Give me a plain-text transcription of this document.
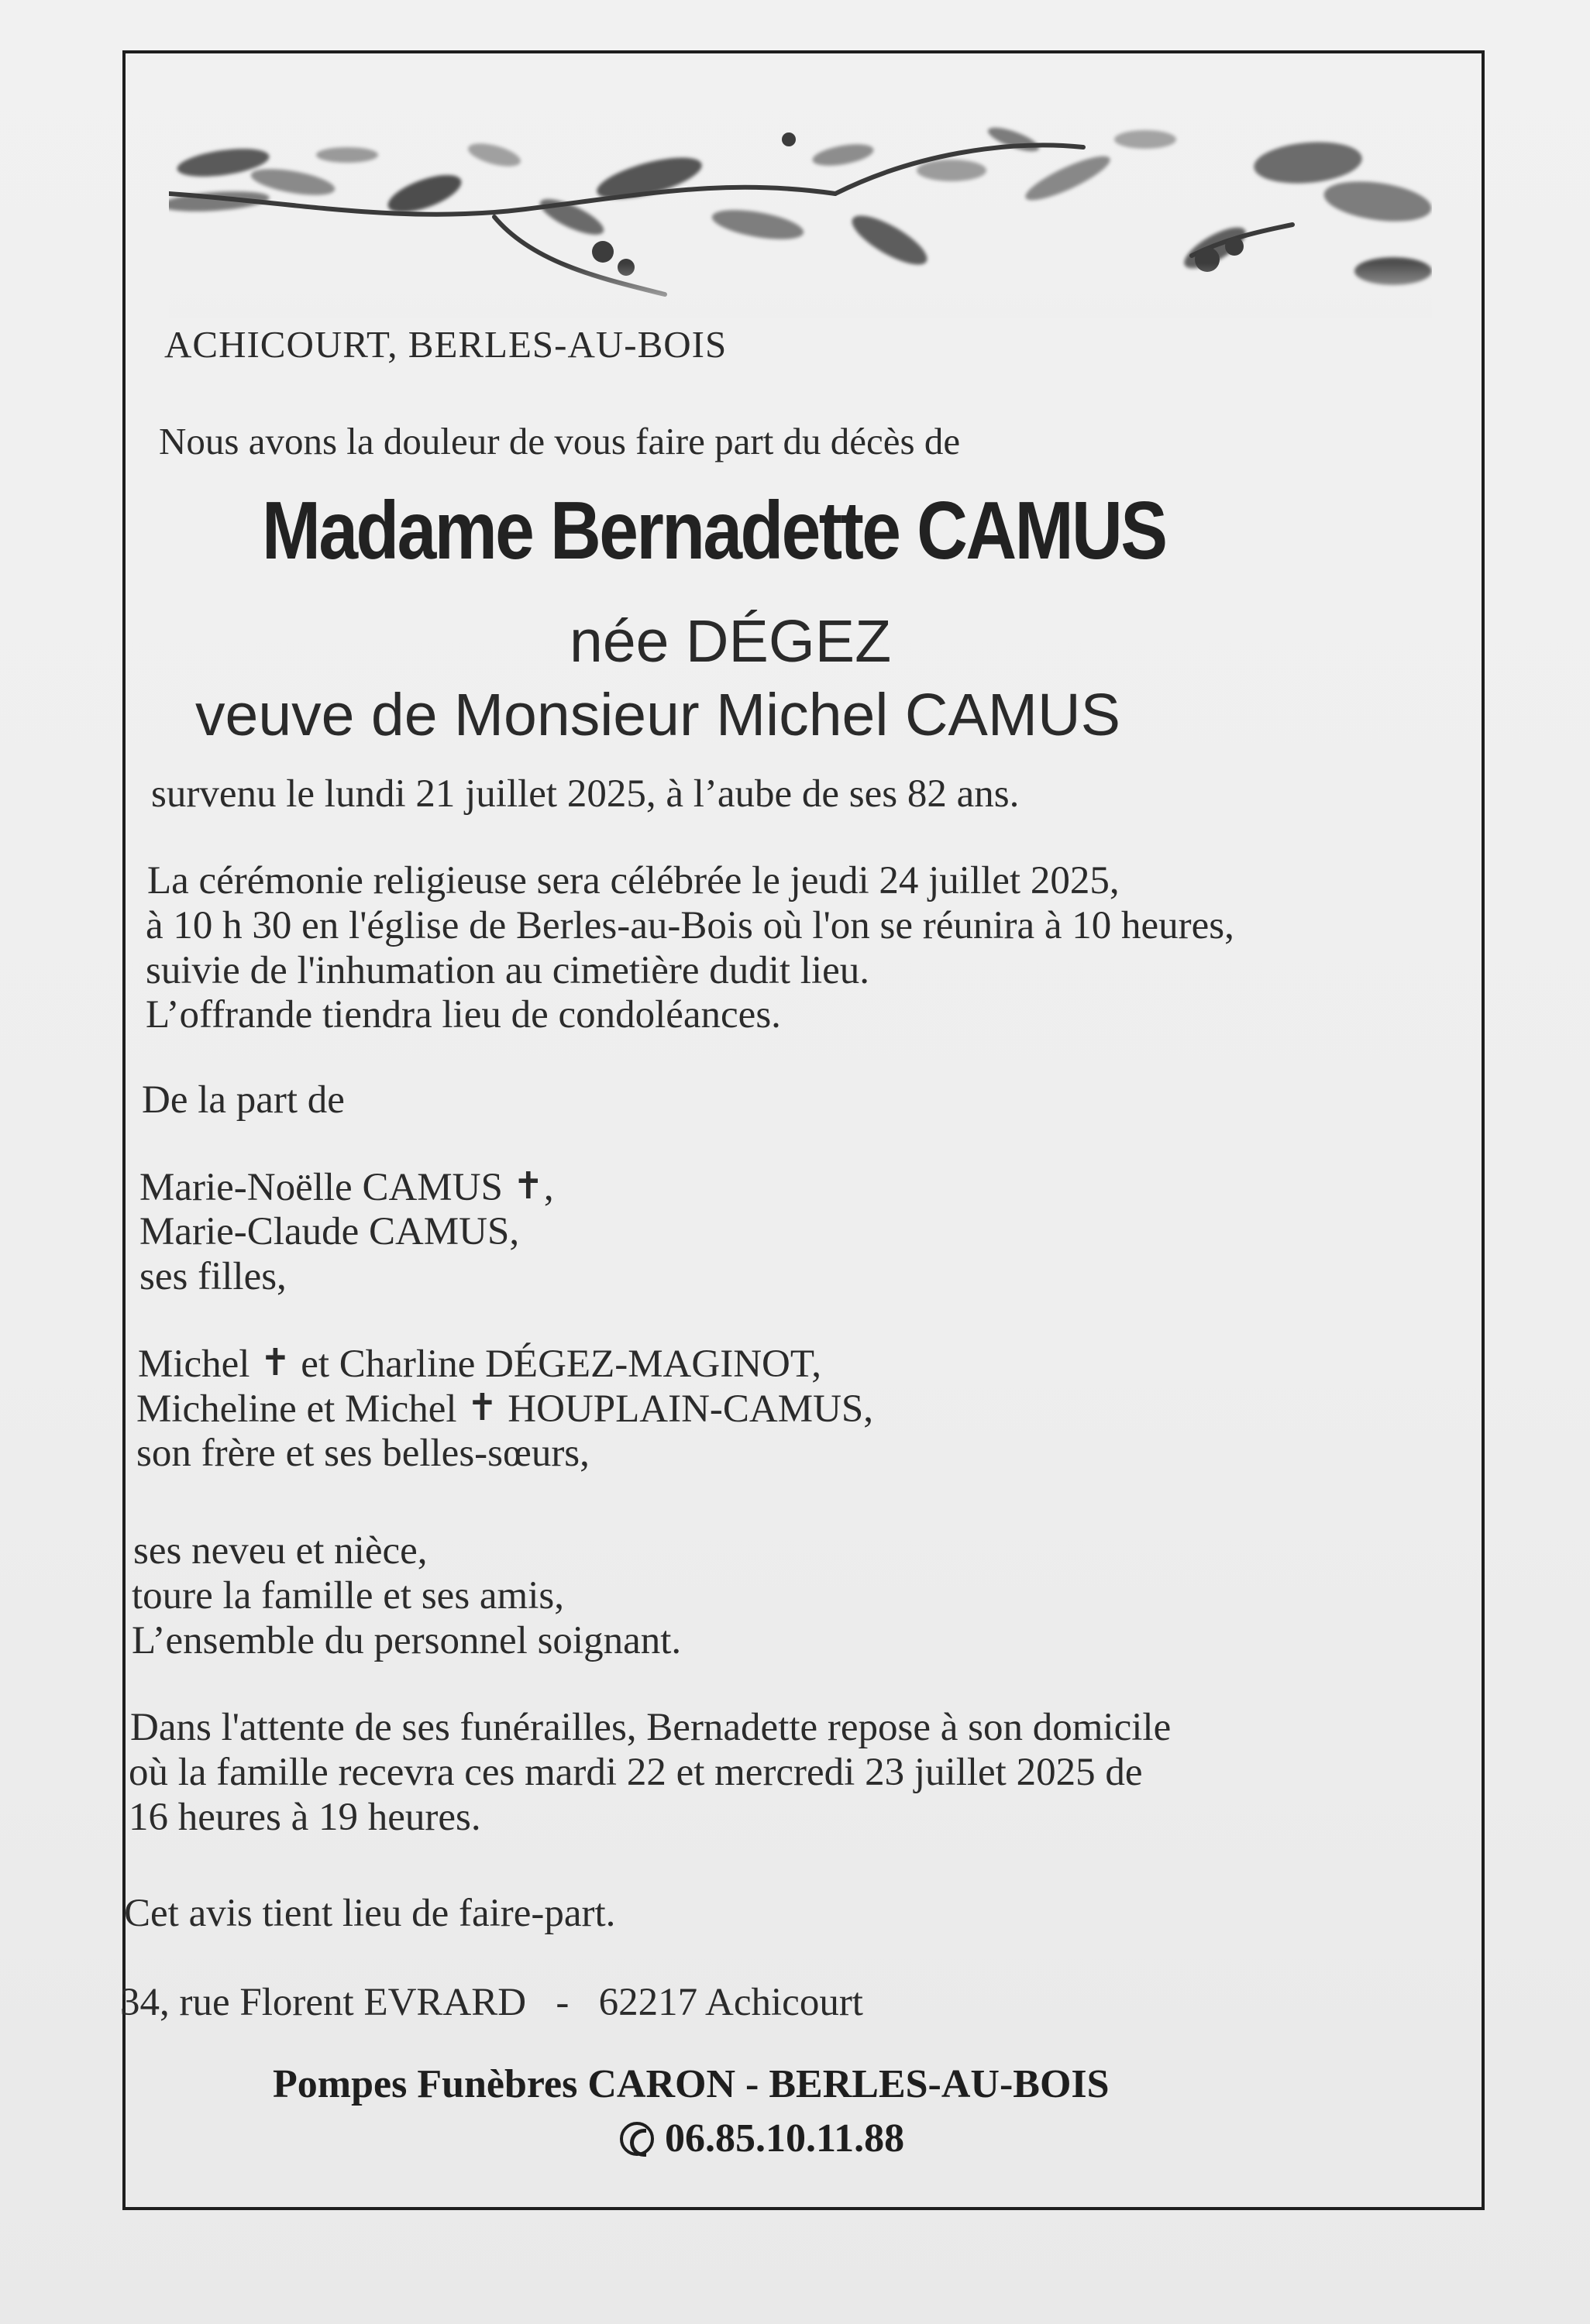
ACHICOURT, BERLES-AU-BOIS

Nous avons la douleur de vous faire part du décès de

Madame Bernadette CAMUS

née DÉGEZ

veuve de Monsieur Michel CAMUS

survenu le lundi 21 juillet 2025, à l’aube de ses 82 ans.

La cérémonie religieuse sera célébrée le jeudi 24 juillet 2025,

à 10 h 30 en l'église de Berles-au-Bois où l'on se réunira à 10 heures,

suivie de l'inhumation au cimetière dudit lieu.

L’offrande tiendra lieu de condoléances.

De la part de

Marie-Noëlle CAMUS ✝,

Marie-Claude CAMUS,

ses filles,

Michel ✝ et Charline DÉGEZ-MAGINOT,

Micheline et Michel ✝ HOUPLAIN-CAMUS,

son frère et ses belles-sœurs,

ses neveu et nièce,

toure la famille et ses amis,

L’ensemble du personnel soignant.

Dans l'attente de ses funérailles, Bernadette repose à son domicile

où la famille recevra ces mardi 22 et mercredi 23 juillet 2025 de

16 heures à 19 heures.

Cet avis tient lieu de faire-part.

34, rue Florent EVRARD - 62217 Achicourt

Pompes Funèbres CARON - BERLES-AU-BOIS

06.85.10.11.88
